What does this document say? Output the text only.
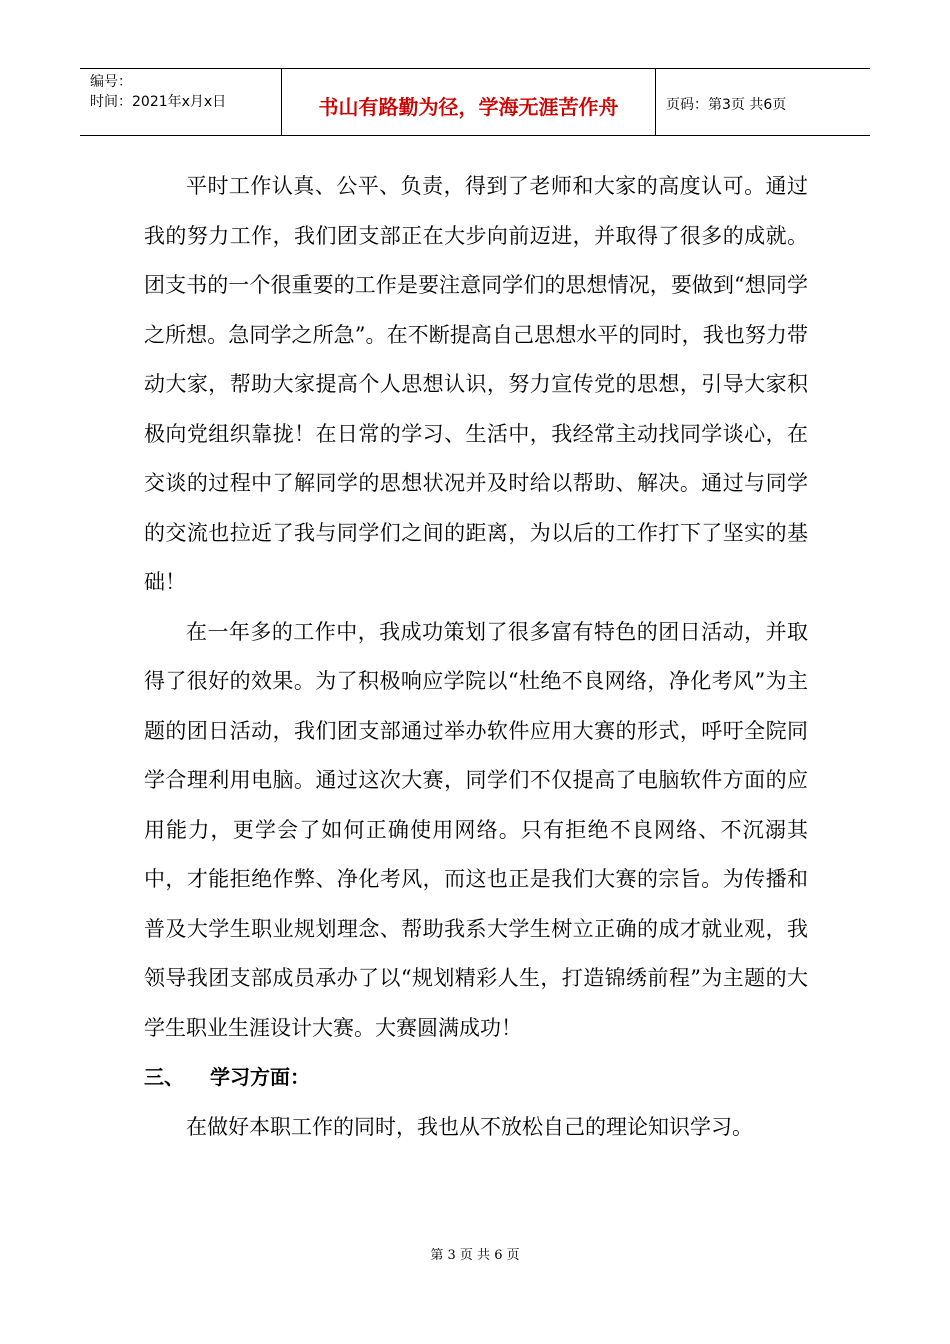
编号：
时间：2021年x月x日	书山有路勤为径，学海无涯苦作舟	页码：第3页 共6页

平时工作认真、公平、负责，得到了老师和大家的高度认可。通过我的努力工作，我们团支部正在大步向前迈进，并取得了很多的成就。团支书的一个很重要的工作是要注意同学们的思想情况，要做到“想同学之所想。急同学之所急”。在不断提高自己思想水平的同时，我也努力带动大家，帮助大家提高个人思想认识，努力宣传党的思想，引导大家积极向党组织靠拢！在日常的学习、生活中，我经常主动找同学谈心，在交谈的过程中了解同学的思想状况并及时给以帮助、解决。通过与同学的交流也拉近了我与同学们之间的距离，为以后的工作打下了坚实的基础！

在一年多的工作中，我成功策划了很多富有特色的团日活动，并取得了很好的效果。为了积极响应学院以“杜绝不良网络，净化考风”为主题的团日活动，我们团支部通过举办软件应用大赛的形式，呼吁全院同学合理利用电脑。通过这次大赛，同学们不仅提高了电脑软件方面的应用能力，更学会了如何正确使用网络。只有拒绝不良网络、不沉溺其中，才能拒绝作弊、净化考风，而这也正是我们大赛的宗旨。为传播和普及大学生职业规划理念、帮助我系大学生树立正确的成才就业观，我领导我团支部成员承办了以“规划精彩人生，打造锦绣前程”为主题的大学生职业生涯设计大赛。大赛圆满成功！

三、 学习方面：

在做好本职工作的同时，我也从不放松自己的理论知识学习。

第 3 页 共 6 页
